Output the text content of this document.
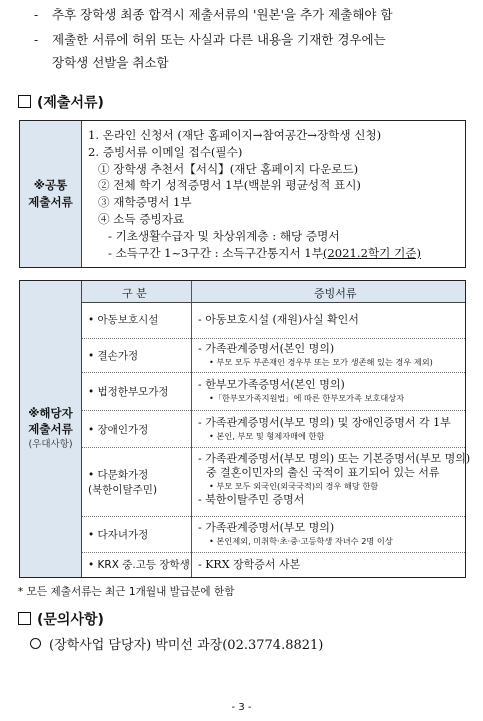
- 추후 장학생 최종 합격시 제출서류의 '원본'을 추가 제출해야 함
- 제출한 서류에 허위 또는 사실과 다른 내용을 기재한 경우에는
장학생 선발을 취소함
(제출서류)
※공통
제출서류
1. 온라인 신청서 (재단 홈페이지→참여공간→장학생 신청)
2. 증빙서류 이메일 접수(필수)
① 장학생 추천서【서식】(재단 홈페이지 다운로드)
② 전체 학기 성적증명서 1부(백분위 평균성적 표시)
③ 재학증명서 1부
④ 소득 증빙자료
- 기초생활수급자 및 차상위계층 : 해당 증명서
- 소득구간 1~3구간 : 소득구간통지서 1부(2021.2학기 기준)
※해당자
제출서류
(우대사항)
구 분	증빙서류
• 아동보호시설	- 아동보호시설 (재원)사실 확인서
• 결손가정
- 가족관계증명서(본인 명의)
• 부모 모두 부존재인 경우부 또는 모가 생존해 있는 경우 제외)
• 법정한부모가정
- 한부모가족증명서(본인 명의)
•「한부모가족지원법」에 따른 한부모가족 보호대상자
• 장애인가정
- 가족관계증명서(부모 명의) 및 장애인증명서 각 1부
• 본인, 부모 및 형제자매에 한함
• 다문화가정
(북한이탈주민)
- 가족관계증명서(부모 명의) 또는 기본증명서(부모 명의)
중 결혼이민자의 출신 국적이 표기되어 있는 서류
• 부모 모두 외국인(외국국적)의 경우 해당 한함
- 북한이탈주민 증명서
• 다자녀가정
- 가족관계증명서(부모 명의)
• 본인제외, 미취학·초·중·고등학생 자녀수 2명 이상
• KRX 중.고등 장학생 - KRX 장학증서 사본
* 모든 제출서류는 최근 1개월내 발급분에 한함
(문의사항)
(장학사업 담당자) 박미선 과장(02.3774.8821)
- 3 -
